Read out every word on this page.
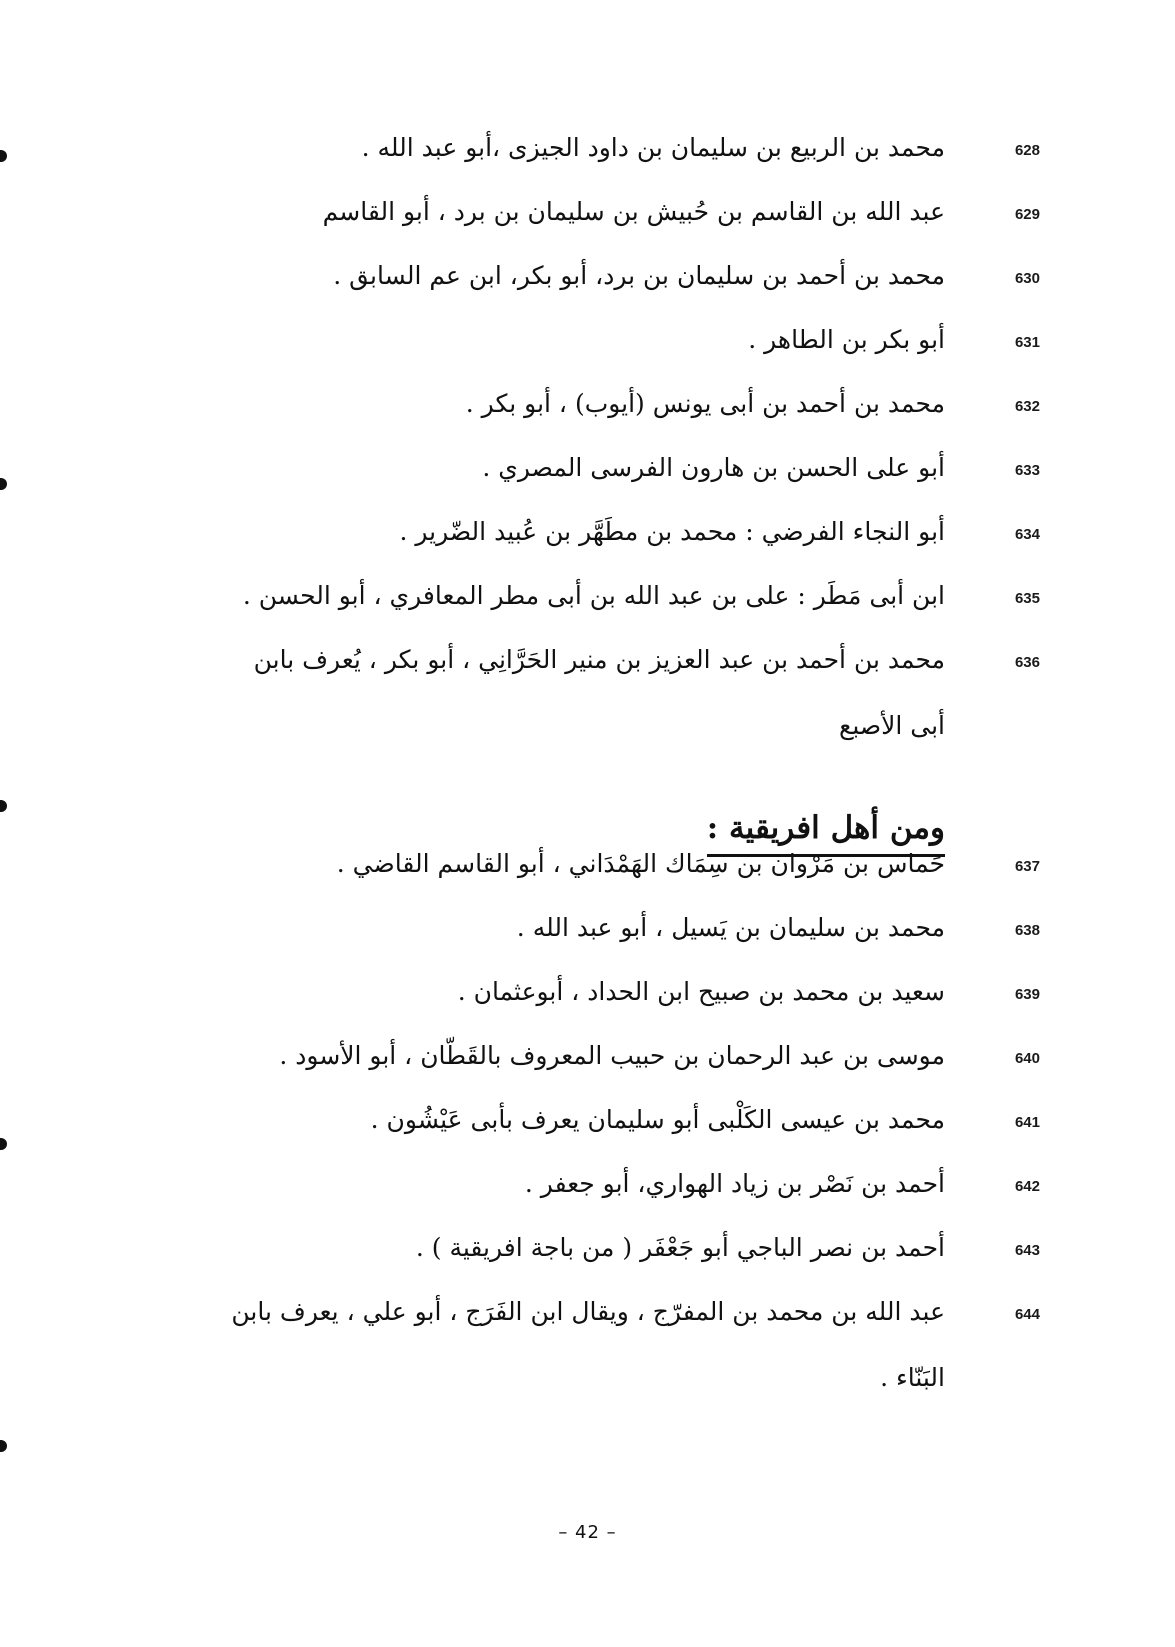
628
محمد بن الربيع بن سليمان بن داود الجيزى ،أبو عبد الله .
629
عبد الله بن القاسم بن حُبيش بن سليمان بن برد ، أبو القاسم
630
محمد بن أحمد بن سليمان بن برد، أبو بكر، ابن عم السابق .
631
أبو بكر بن الطاهر .
632
محمد بن أحمد بن أبى يونس (أيوب) ، أبو بكر .
633
أبو على الحسن بن هارون الفرسى المصري .
634
أبو النجاء الفرضي : محمد بن مطَهَّر بن عُبيد الضّرير .
635
ابن أبى مَطَر : على بن عبد الله بن أبى مطر المعافري ، أبو الحسن .
636
محمد بن أحمد بن عبد العزيز بن منير الحَرَّانِي ، أبو بكر ، يُعرف بابن
أبى الأصبع
ومن أهل افريقية :
637
حَماس بن مَرْوان بن سِمَاك الهَمْدَاني ، أبو القاسم القاضي .
638
محمد بن سليمان بن يَسيل ، أبو عبد الله .
639
سعيد بن محمد بن صبيح ابن الحداد ، أبوعثمان .
640
موسى بن عبد الرحمان بن حبيب المعروف بالقَطّان ، أبو الأسود .
641
محمد بن عيسى الكَلْبى أبو سليمان يعرف بأبى عَيْشُون .
642
أحمد بن نَصْر بن زياد الهواري، أبو جعفر .
643
أحمد بن نصر الباجي أبو جَعْفَر ( من باجة افريقية ) .
644
عبد الله بن محمد بن المفرّج ، ويقال ابن الفَرَج ، أبو علي ، يعرف بابن
البَنّاء .
– 42 –
